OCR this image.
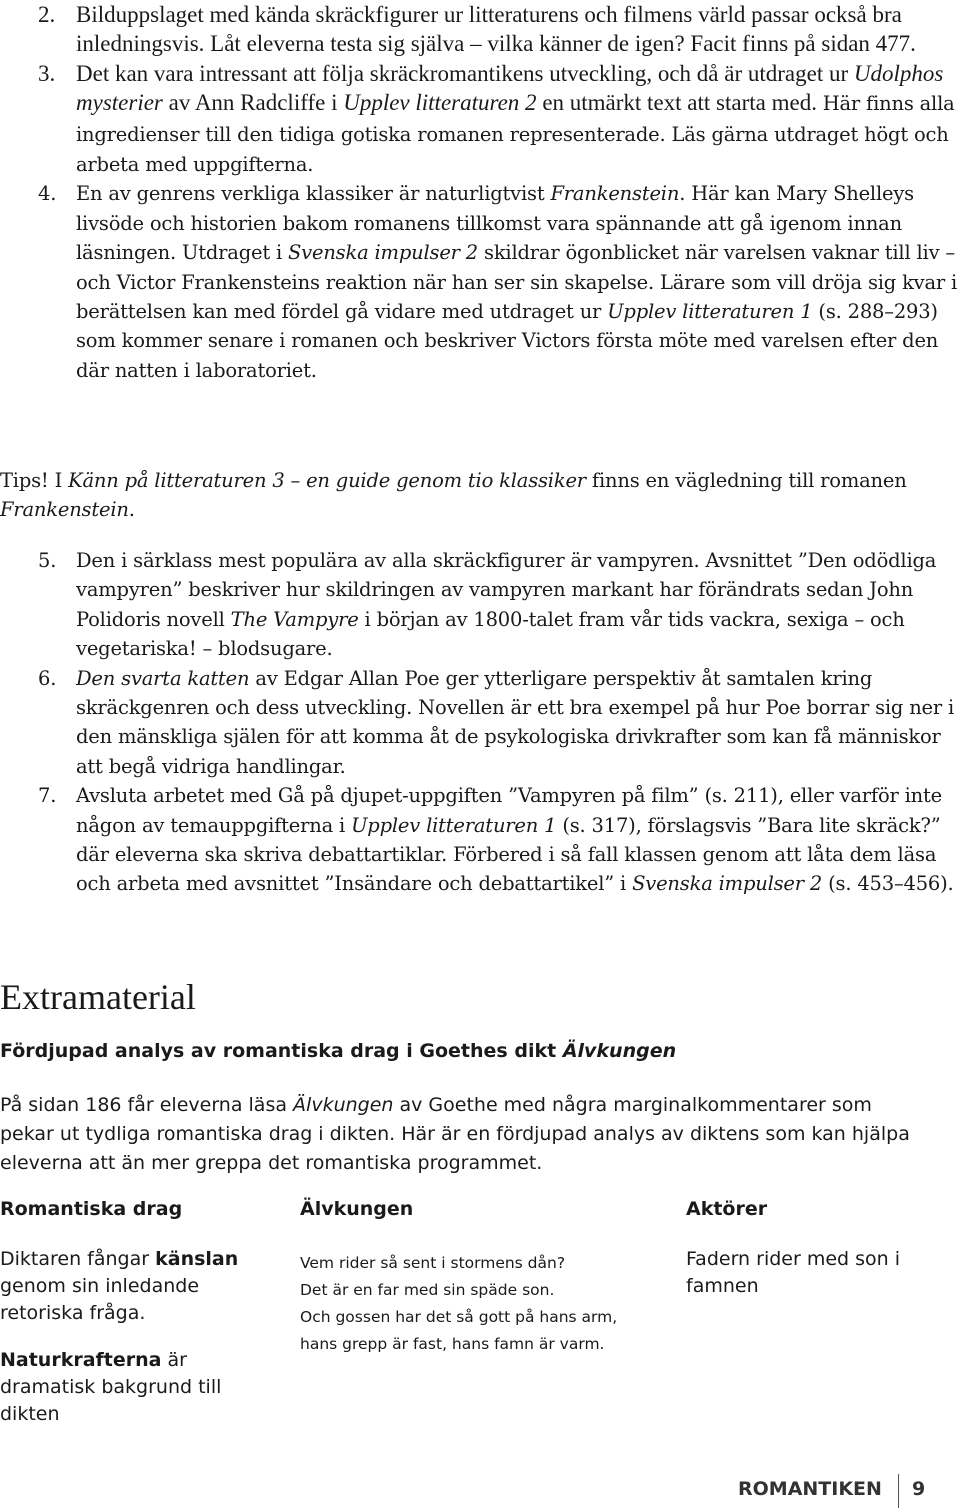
2. Bilduppslaget med kända skräckfigurer ur litteraturens och filmens värld passar också bra inledningsvis. Låt eleverna testa sig själva – vilka känner de igen? Facit finns på sidan 477.
3. Det kan vara intressant att följa skräckromantikens utveckling, och då är utdraget ur Udolphos mysterier av Ann Radcliffe i Upplev litteraturen 2 en utmärkt text att starta med. Här finns alla ingredienser till den tidiga gotiska romanen representerade. Läs gärna utdraget högt och arbeta med uppgifterna.
4. En av genrens verkliga klassiker är naturligtvist Frankenstein. Här kan Mary Shelleys livsöde och historien bakom romanens tillkomst vara spännande att gå igenom innan läsningen. Utdraget i Svenska impulser 2 skildrar ögonblicket när varelsen vaknar till liv – och Victor Frankensteins reaktion när han ser sin skapelse. Lärare som vill dröja sig kvar i berättelsen kan med fördel gå vidare med utdraget ur Upplev litteraturen 1 (s. 288–293) som kommer senare i romanen och beskriver Victors första möte med varelsen efter den där natten i laboratoriet.

Tips! I Känn på litteraturen 3 – en guide genom tio klassiker finns en vägledning till romanen Frankenstein.

5. Den i särklass mest populära av alla skräckfigurer är vampyren. Avsnittet ”Den odödliga vampyren” beskriver hur skildringen av vampyren markant har förändrats sedan John Polidoris novell The Vampyre i början av 1800-talet fram vår tids vackra, sexiga – och vegetariska! – blodsugare.
6. Den svarta katten av Edgar Allan Poe ger ytterligare perspektiv åt samtalen kring skräckgenren och dess utveckling. Novellen är ett bra exempel på hur Poe borrar sig ner i den mänskliga själen för att komma åt de psykologiska drivkrafter som kan få människor att begå vidriga handlingar.
7. Avsluta arbetet med Gå på djupet-uppgiften ”Vampyren på film” (s. 211), eller varför inte någon av temauppgifterna i Upplev litteraturen 1 (s. 317), förslagsvis ”Bara lite skräck?” där eleverna ska skriva debattartiklar. Förbered i så fall klassen genom att låta dem läsa och arbeta med avsnittet ”Insändare och debattartikel” i Svenska impulser 2 (s. 453–456).
Extramaterial
Fördjupad analys av romantiska drag i Goethes dikt Älvkungen

På sidan 186 får eleverna läsa Älvkungen av Goethe med några marginalkommentarer som pekar ut tydliga romantiska drag i dikten. Här är en fördjupad analys av diktens som kan hjälpa eleverna att än mer greppa det romantiska programmet.

Romantiska drag	Älvkungen	Aktörer

Diktaren fångar känslan genom sin inledande retoriska fråga.

Naturkrafterna är dramatisk bakgrund till dikten

Vem rider så sent i stormens dån?
Det är en far med sin späde son.
Och gossen har det så gott på hans arm,
hans grepp är fast, hans famn är varm.
Fadern rider med son i famnen
ROMANTIKEN 9
